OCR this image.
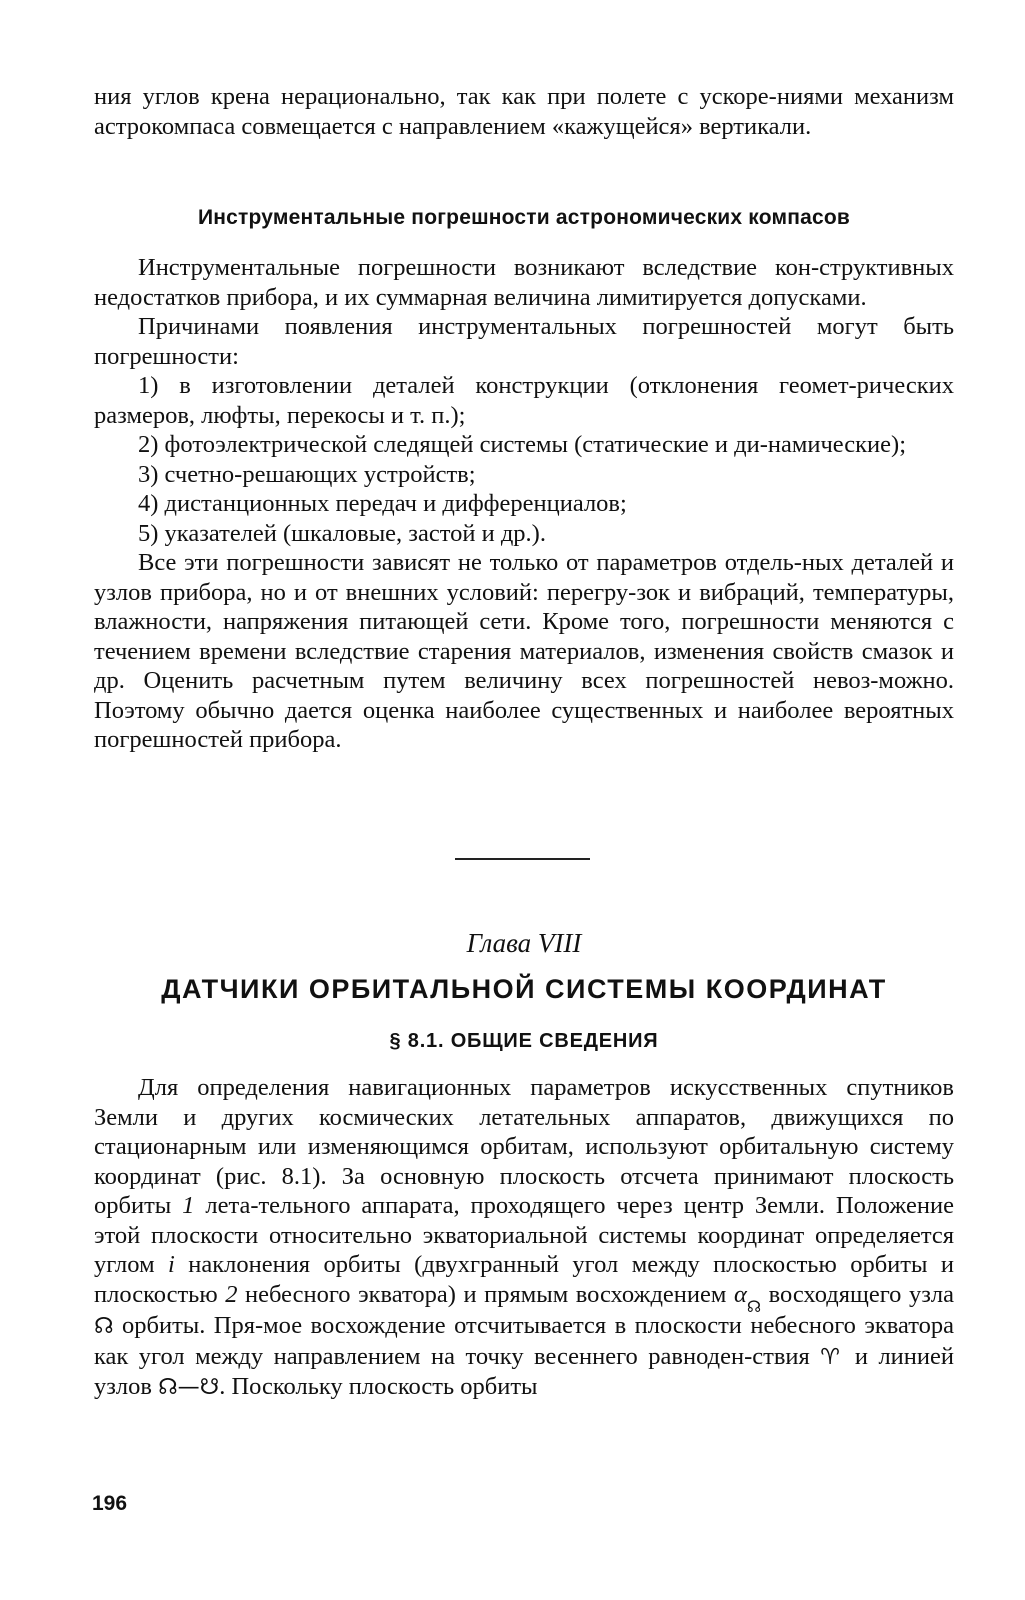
ния углов крена нерационально, так как при полете с ускоре-ниями механизм астрокомпаса совмещается с направлением «кажущейся» вертикали.

Инструментальные погрешности астрономических компасов

Инструментальные погрешности возникают вследствие кон-структивных недостатков прибора, и их суммарная величина лимитируется допусками.

Причинами появления инструментальных погрешностей могут быть погрешности:

1) в изготовлении деталей конструкции (отклонения геомет-рических размеров, люфты, перекосы и т. п.);

2) фотоэлектрической следящей системы (статические и ди-намические);

3) счетно-решающих устройств;

4) дистанционных передач и дифференциалов;

5) указателей (шкаловые, застой и др.).

Все эти погрешности зависят не только от параметров отдель-ных деталей и узлов прибора, но и от внешних условий: перегру-зок и вибраций, температуры, влажности, напряжения питающей сети. Кроме того, погрешности меняются с течением времени вследствие старения материалов, изменения свойств смазок и др. Оценить расчетным путем величину всех погрешностей невоз-можно. Поэтому обычно дается оценка наиболее существенных и наиболее вероятных погрешностей прибора.

Глава VIII
ДАТЧИКИ ОРБИТАЛЬНОЙ СИСТЕМЫ КООРДИНАТ
§ 8.1. ОБЩИЕ СВЕДЕНИЯ

Для определения навигационных параметров искусственных спутников Земли и других космических летательных аппаратов, движущихся по стационарным или изменяющимся орбитам, используют орбитальную систему координат (рис. 8.1). За основную плоскость отсчета принимают плоскость орбиты 1 лета-тельного аппарата, проходящего через центр Земли. Положение этой плоскости относительно экваториальной системы координат определяется углом i наклонения орбиты (двухгранный угол между плоскостью орбиты и плоскостью 2 небесного экватора) и прямым восхождением $\alpha_☊$ восходящего узла ☊ орбиты. Пря-мое восхождение отсчитывается в плоскости небесного экватора как угол между направлением на точку весеннего равноден-ствия ♈ и линией узлов ☊—☋. Поскольку плоскость орбиты

196
